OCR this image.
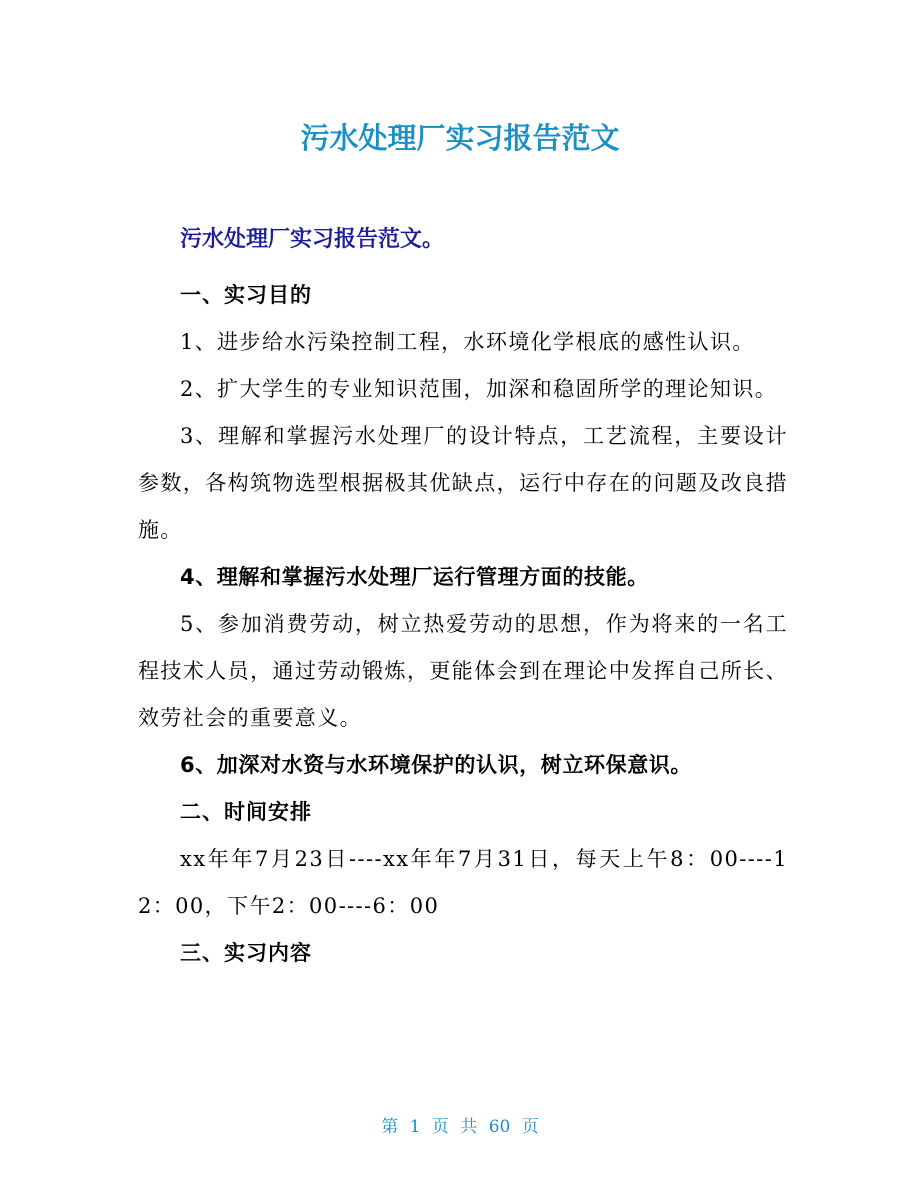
污水处理厂实习报告范文
污水处理厂实习报告范文。

一、实习目的

1、进步给水污染控制工程，水环境化学根底的感性认识。

2、扩大学生的专业知识范围，加深和稳固所学的理论知识。

3、理解和掌握污水处理厂的设计特点，工艺流程，主要设计参数，各构筑物选型根据极其优缺点，运行中存在的问题及改良措施。

4、理解和掌握污水处理厂运行管理方面的技能。

5、参加消费劳动，树立热爱劳动的思想，作为将来的一名工程技术人员，通过劳动锻炼，更能体会到在理论中发挥自己所长、效劳社会的重要意义。

6、加深对水资与水环境保护的认识，树立环保意识。

二、时间安排

xx年年7月23日----xx年年7月31日，每天上午8：00----12：00，下午2：00----6：00

三、实习内容

第 1 页 共 60 页
